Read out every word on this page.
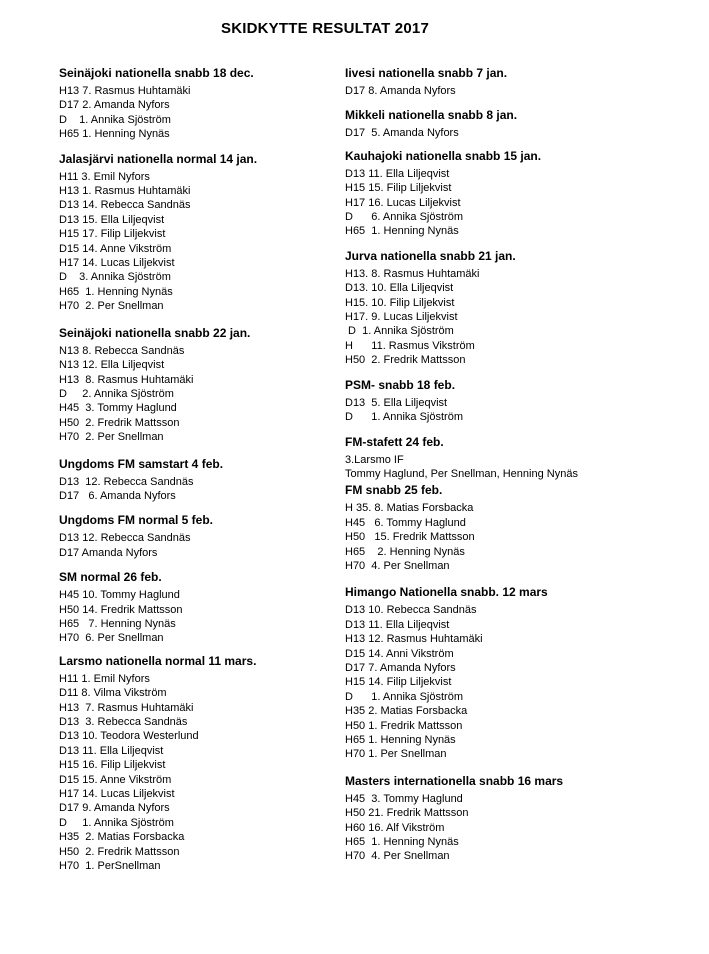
SKIDKYTTE RESULTAT 2017
Seinäjoki nationella snabb 18 dec.
H13 7. Rasmus Huhtamäki
D17 2. Amanda Nyfors
D    1. Annika Sjöström
H65 1. Henning Nynäs
Jalasjärvi nationella normal 14 jan.
H11 3. Emil Nyfors
H13 1. Rasmus Huhtamäki
D13 14. Rebecca Sandnäs
D13 15. Ella Liljeqvist
H15 17. Filip Liljekvist
D15 14. Anne Vikström
H17 14. Lucas Liljekvist
D    3. Annika Sjöström
H65  1. Henning Nynäs
H70  2. Per Snellman
Seinäjoki nationella snabb 22 jan.
N13 8. Rebecca Sandnäs
N13 12. Ella Liljeqvist
H13  8. Rasmus Huhtamäki
D     2. Annika Sjöström
H45  3. Tommy Haglund
H50  2. Fredrik Mattsson
H70  2. Per Snellman
Ungdoms FM samstart 4 feb.
D13  12. Rebecca Sandnäs
D17   6. Amanda Nyfors
Ungdoms FM normal 5 feb.
D13 12. Rebecca Sandnäs
D17 Amanda Nyfors
SM normal 26 feb.
H45 10. Tommy Haglund
H50 14. Fredrik Mattsson
H65   7. Henning Nynäs
H70  6. Per Snellman
Larsmo nationella normal 11 mars.
H11 1. Emil Nyfors
D11 8. Vilma Vikström
H13  7. Rasmus Huhtamäki
D13  3. Rebecca Sandnäs
D13 10. Teodora Westerlund
D13 11. Ella Liljeqvist
H15 16. Filip Liljekvist
D15 15. Anne Vikström
H17 14. Lucas Liljekvist
D17 9. Amanda Nyfors
D     1. Annika Sjöström
H35  2. Matias Forsbacka
H50  2. Fredrik Mattsson
H70  1. PerSnellman
Iivesi nationella snabb 7 jan.
D17 8. Amanda Nyfors
Mikkeli nationella snabb 8 jan.
D17  5. Amanda Nyfors
Kauhajoki nationella snabb 15 jan.
D13 11. Ella Liljeqvist
H15 15. Filip Liljekvist
H17 16. Lucas Liljekvist
D      6. Annika Sjöström
H65  1. Henning Nynäs
Jurva nationella snabb 21 jan.
H13. 8. Rasmus Huhtamäki
D13. 10. Ella Liljeqvist
H15. 10. Filip Liljekvist
H17. 9. Lucas Liljekvist
D  1. Annika Sjöström
H      11. Rasmus Vikström
H50  2. Fredrik Mattsson
PSM- snabb 18 feb.
D13  5. Ella Liljeqvist
D      1. Annika Sjöström
FM-stafett 24 feb.
3.Larsmo IF
Tommy Haglund, Per Snellman, Henning Nynäs
FM snabb 25 feb.
H 35. 8. Matias Forsbacka
H45   6. Tommy Haglund
H50   15. Fredrik Mattsson
H65    2. Henning Nynäs
H70  4. Per Snellman
Himango Nationella snabb. 12 mars
D13 10. Rebecca Sandnäs
D13 11. Ella Liljeqvist
H13 12. Rasmus Huhtamäki
D15 14. Anni Vikström
D17 7. Amanda Nyfors
H15 14. Filip Liljekvist
D      1. Annika Sjöström
H35 2. Matias Forsbacka
H50 1. Fredrik Mattsson
H65 1. Henning Nynäs
H70 1. Per Snellman
Masters internationella snabb 16 mars
H45  3. Tommy Haglund
H50 21. Fredrik Mattsson
H60 16. Alf Vikström
H65  1. Henning Nynäs
H70  4. Per Snellman
